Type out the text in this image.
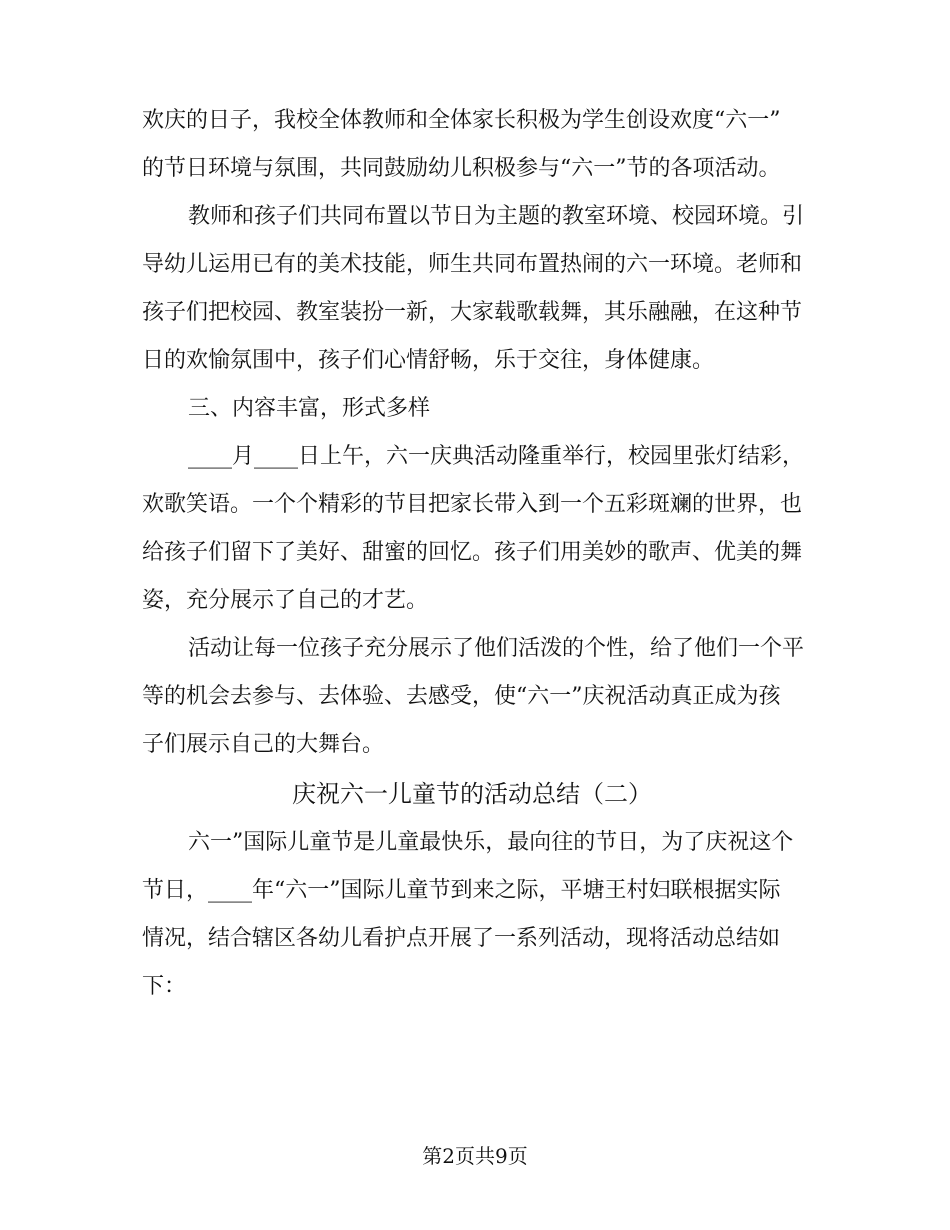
欢庆的日子，我校全体教师和全体家长积极为学生创设欢度“六一”
的节日环境与氛围，共同鼓励幼儿积极参与“六一”节的各项活动。
教师和孩子们共同布置以节日为主题的教室环境、校园环境。引
导幼儿运用已有的美术技能，师生共同布置热闹的六一环境。老师和
孩子们把校园、教室装扮一新，大家载歌载舞，其乐融融，在这种节
日的欢愉氛围中，孩子们心情舒畅，乐于交往，身体健康。
三、内容丰富，形式多样
____月____日上午，六一庆典活动隆重举行，校园里张灯结彩，
欢歌笑语。一个个精彩的节目把家长带入到一个五彩斑斓的世界，也
给孩子们留下了美好、甜蜜的回忆。孩子们用美妙的歌声、优美的舞
姿，充分展示了自己的才艺。
活动让每一位孩子充分展示了他们活泼的个性，给了他们一个平
等的机会去参与、去体验、去感受，使“六一”庆祝活动真正成为孩
子们展示自己的大舞台。
庆祝六一儿童节的活动总结（二）
六一”国际儿童节是儿童最快乐，最向往的节日，为了庆祝这个
节日，____年“六一”国际儿童节到来之际，平塘王村妇联根据实际
情况，结合辖区各幼儿看护点开展了一系列活动，现将活动总结如
下：
第2页共9页
